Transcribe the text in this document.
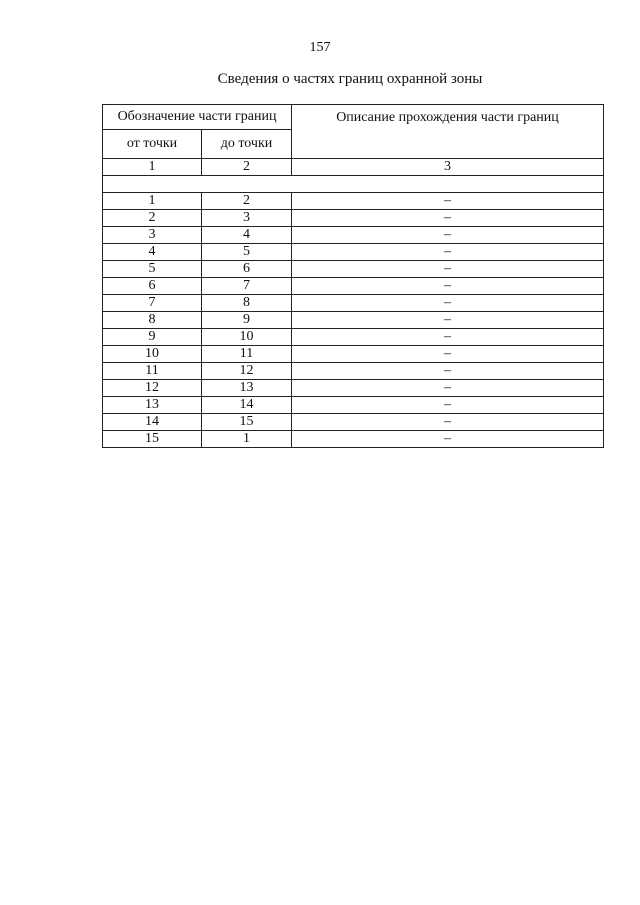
157
Сведения о частях границ охранной зоны
Обозначение части границ		Описание прохождения части границ
от точки	до точки	
1	2	3

1	2	–
2	3	–
3	4	–
4	5	–
5	6	–
6	7	–
7	8	–
8	9	–
9	10	–
10	11	–
11	12	–
12	13	–
13	14	–
14	15	–
15	1	–
